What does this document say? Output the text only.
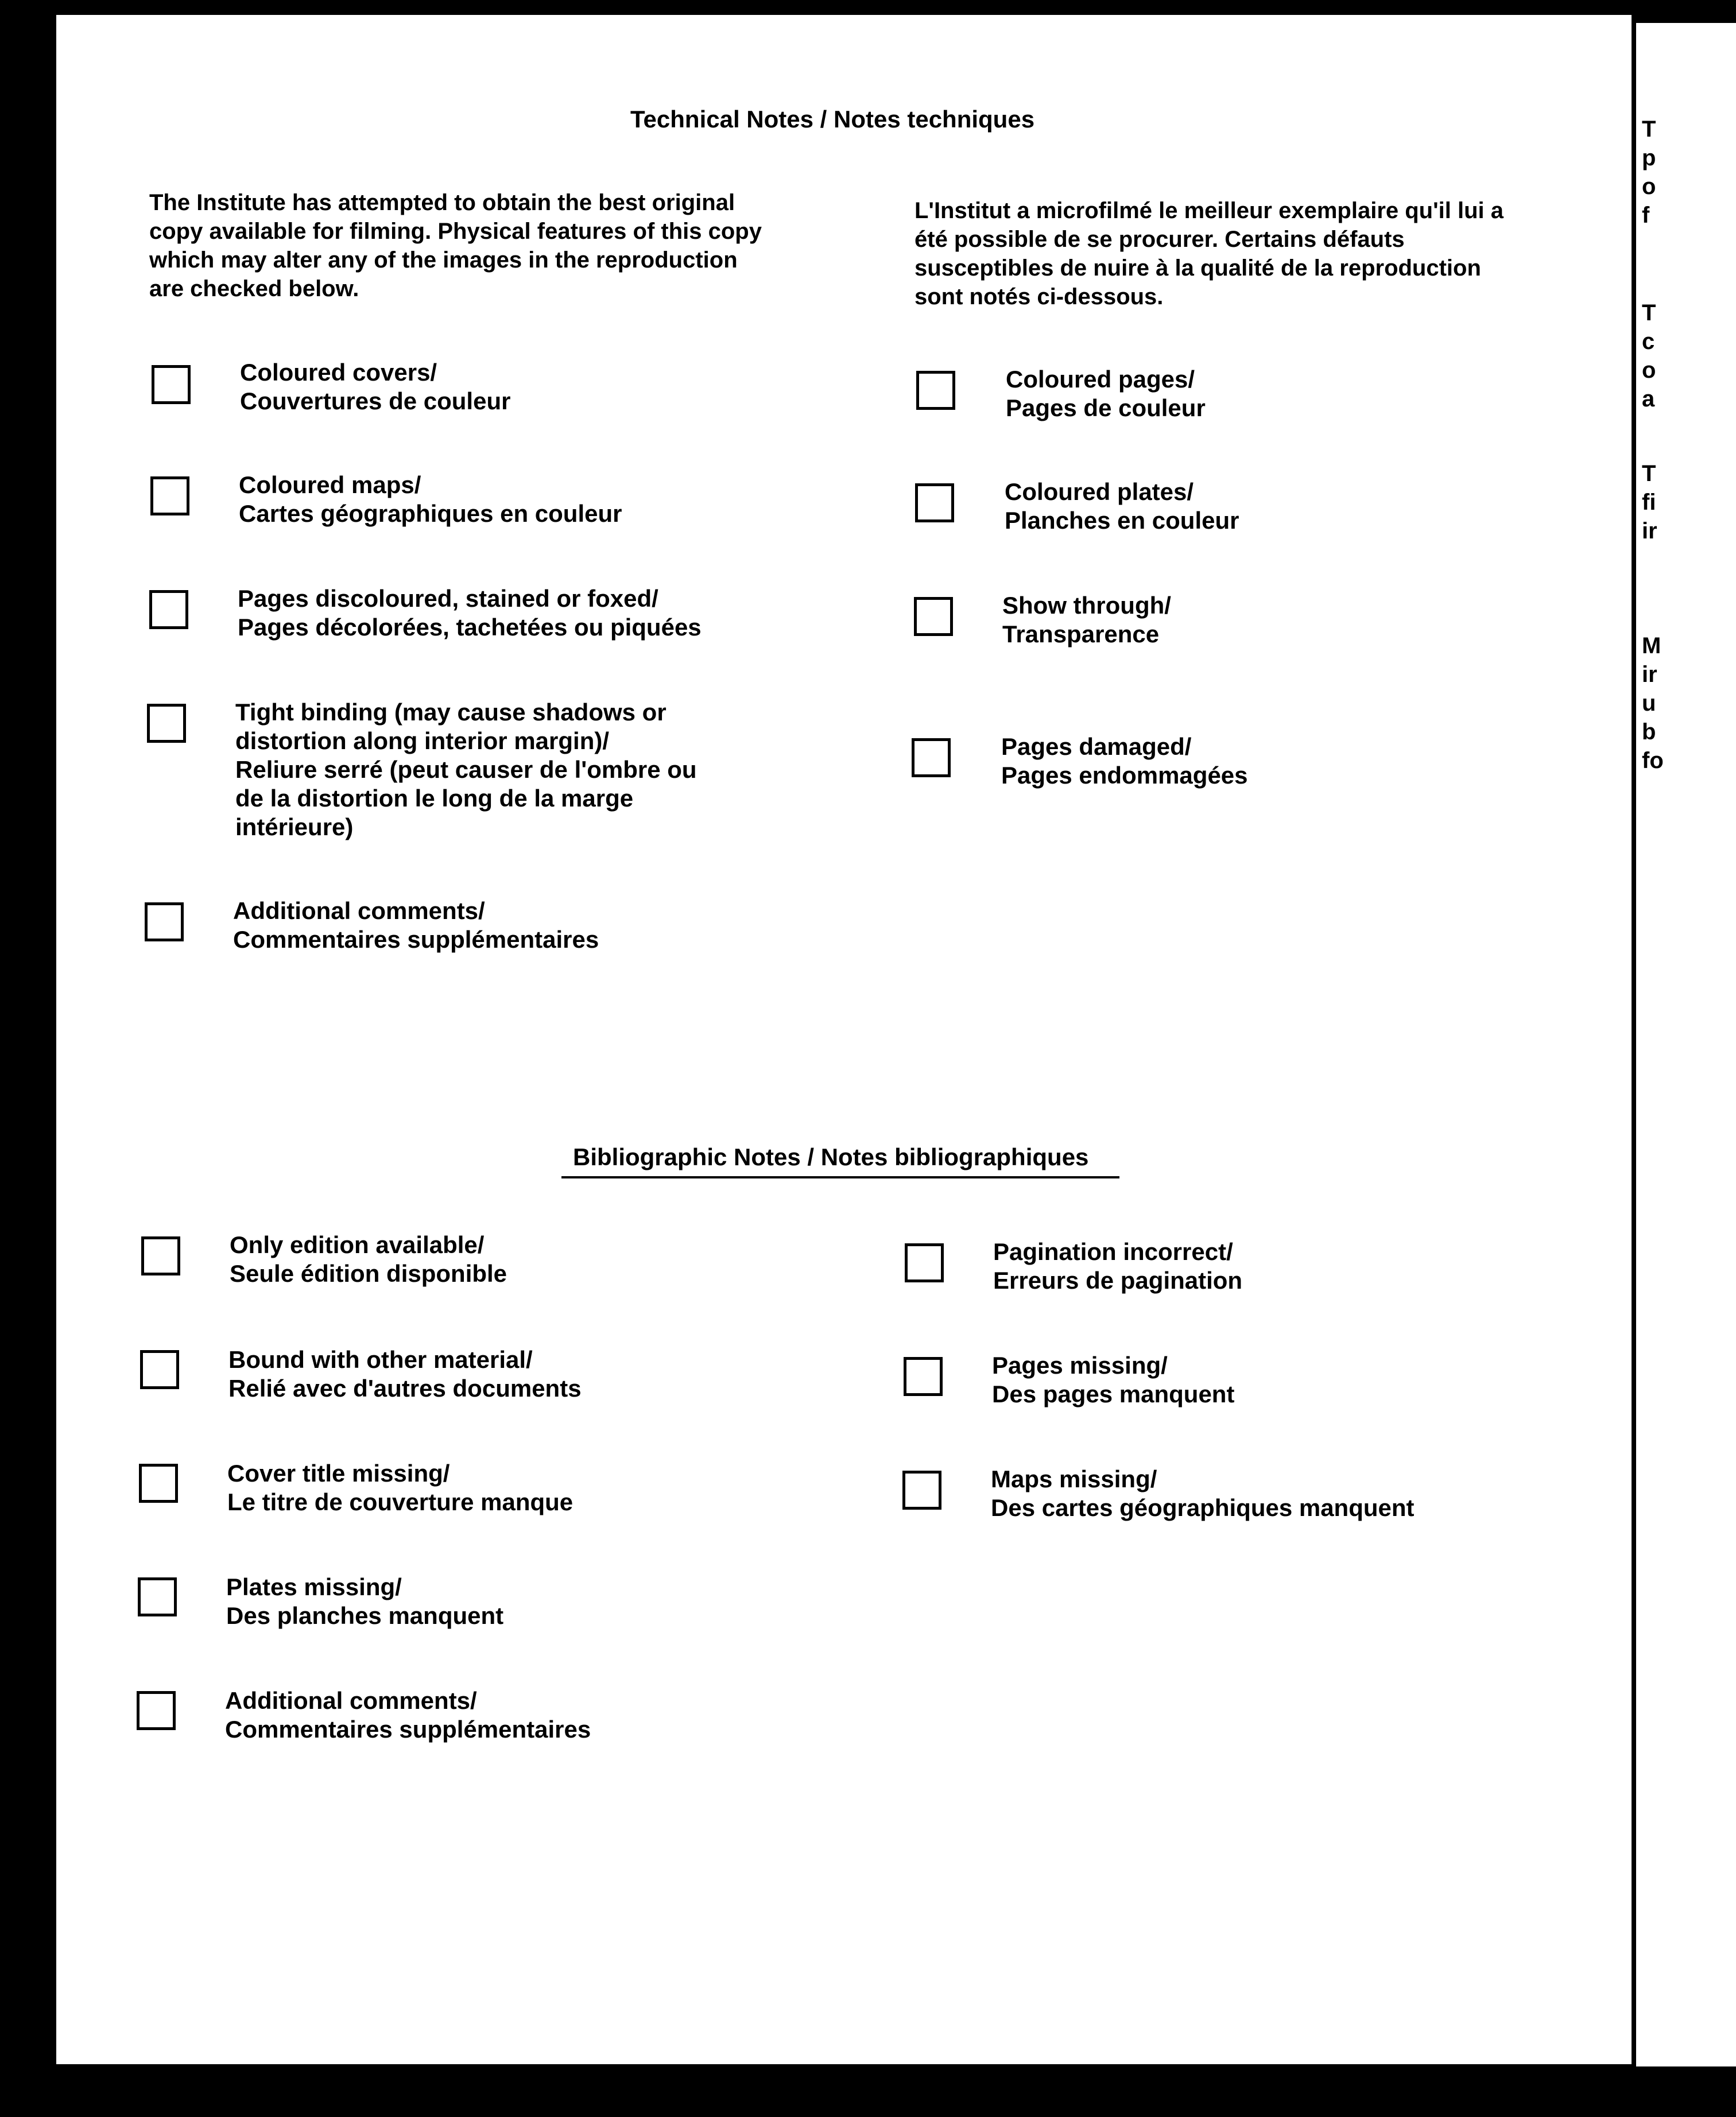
Technical Notes / Notes techniques
The Institute has attempted to obtain the best original copy available for filming. Physical features of this copy which may alter any of the images in the reproduction are checked below.
L'Institut a microfilmé le meilleur exemplaire qu'il lui a été possible de se procurer. Certains défauts susceptibles de nuire à la qualité de la reproduction sont notés ci-dessous.
Coloured covers/
Couvertures de couleur
Coloured maps/
Cartes géographiques en couleur
Pages discoloured, stained or foxed/
Pages décolorées, tachetées ou piquées
Tight binding (may cause shadows or
distortion along interior margin)/
Reliure serré (peut causer de l'ombre ou
de la distortion le long de la marge
intérieure)
Additional comments/
Commentaires supplémentaires
Coloured pages/
Pages de couleur
Coloured plates/
Planches en couleur
Show through/
Transparence
Pages damaged/
Pages endommagées
Bibliographic Notes / Notes bibliographiques
Only edition available/
Seule édition disponible
Bound with other material/
Relié avec d'autres documents
Cover title missing/
Le titre de couverture manque
Plates missing/
Des planches manquent
Additional comments/
Commentaires supplémentaires
Pagination incorrect/
Erreurs de pagination
Pages missing/
Des pages manquent
Maps missing/
Des cartes géographiques manquent
(
T
p
o
f
T
c
o
a
T
fi
ir
M
ir
u
b
fo
